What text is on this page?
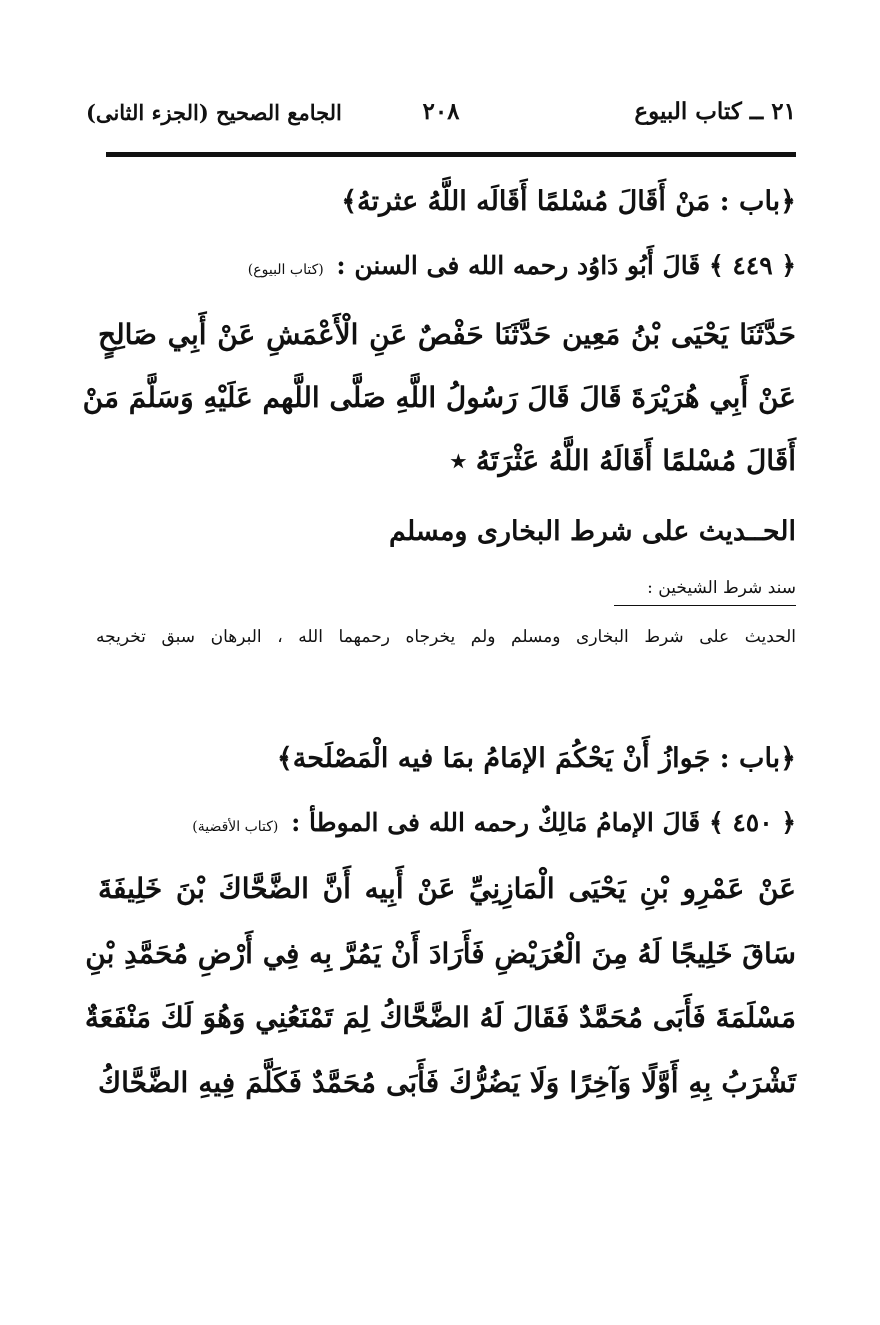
٢١ ــ كتاب البيوع
٢٠٨
الجامع الصحيح (الجزء الثانى)
﴿باب : مَنْ أَقَالَ مُسْلمًا أَقَالَه اللَّهُ عثرتهُ﴾
﴿ ٤٤٩ ﴾ قَالَ أَبُو دَاوُد رحمه الله فى السنن : (كتاب البيوع)
حَدَّثَنَا يَحْيَى بْنُ مَعِين حَدَّثَنَا حَفْصٌ عَنِ الْأَعْمَشِ عَنْ أَبِي صَالِحٍ
عَنْ أَبِي هُرَيْرَةَ قَالَ قَالَ رَسُولُ اللَّهِ صَلَّى اللَّهم عَلَيْهِ وَسَلَّمَ مَنْ
أَقَالَ مُسْلمًا أَقَالَهُ اللَّهُ عَثْرَتَهُ ٭
الحــديث على شرط البخارى ومسلم
سند شرط الشيخين :
الحديث على شرط البخارى ومسلم ولم يخرجاه رحمهما الله ، البرهان سبق تخريجه
﴿باب : جَوازُ أَنْ يَحْكُمَ الإمَامُ بمَا فيه الْمَصْلَحة﴾
﴿ ٤٥٠ ﴾ قَالَ الإمامُ مَالِكٌ رحمه الله فى الموطأ : (كتاب الأقضية)
عَنْ عَمْرِو بْنِ يَحْيَى الْمَازِنِيِّ عَنْ أَبِيه أَنَّ الضَّحَّاكَ بْنَ خَلِيفَةَ
سَاقَ خَلِيجًا لَهُ مِنَ الْعُرَيْضِ فَأَرَادَ أَنْ يَمُرَّ بِه فِي أَرْضِ مُحَمَّدِ بْنِ
مَسْلَمَةَ فَأَبَى مُحَمَّدٌ فَقَالَ لَهُ الضَّحَّاكُ لِمَ تَمْنَعُنِي وَهُوَ لَكَ مَنْفَعَةٌ
تَشْرَبُ بِهِ أَوَّلًا وَآخِرًا وَلَا يَضُرُّكَ فَأَبَى مُحَمَّدٌ فَكَلَّمَ فِيهِ الضَّحَّاكُ
